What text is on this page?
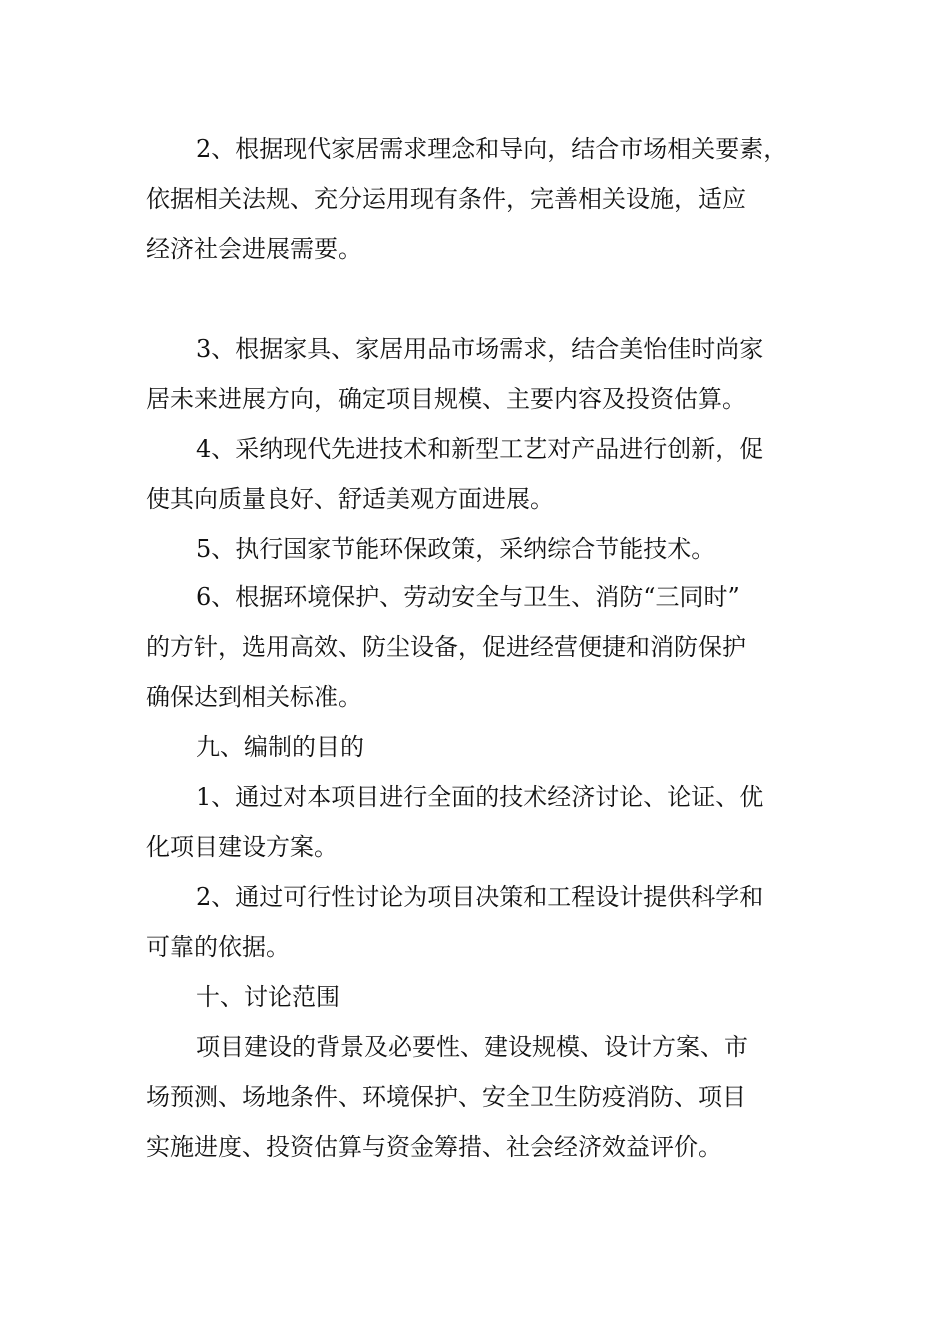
2、根据现代家居需求理念和导向，结合市场相关要素，
依据相关法规、充分运用现有条件，完善相关设施，适应
经济社会进展需要。
3、根据家具、家居用品市场需求，结合美怡佳时尚家
居未来进展方向，确定项目规模、主要内容及投资估算。
4、采纳现代先进技术和新型工艺对产品进行创新，促
使其向质量良好、舒适美观方面进展。
5、执行国家节能环保政策，采纳综合节能技术。
6、根据环境保护、劳动安全与卫生、消防“三同时”
的方针，选用高效、防尘设备，促进经营便捷和消防保护
确保达到相关标准。
九、编制的目的
1、通过对本项目进行全面的技术经济讨论、论证、优
化项目建设方案。
2、通过可行性讨论为项目决策和工程设计提供科学和
可靠的依据。
十、讨论范围
项目建设的背景及必要性、建设规模、设计方案、市
场预测、场地条件、环境保护、安全卫生防疫消防、项目
实施进度、投资估算与资金筹措、社会经济效益评价。
